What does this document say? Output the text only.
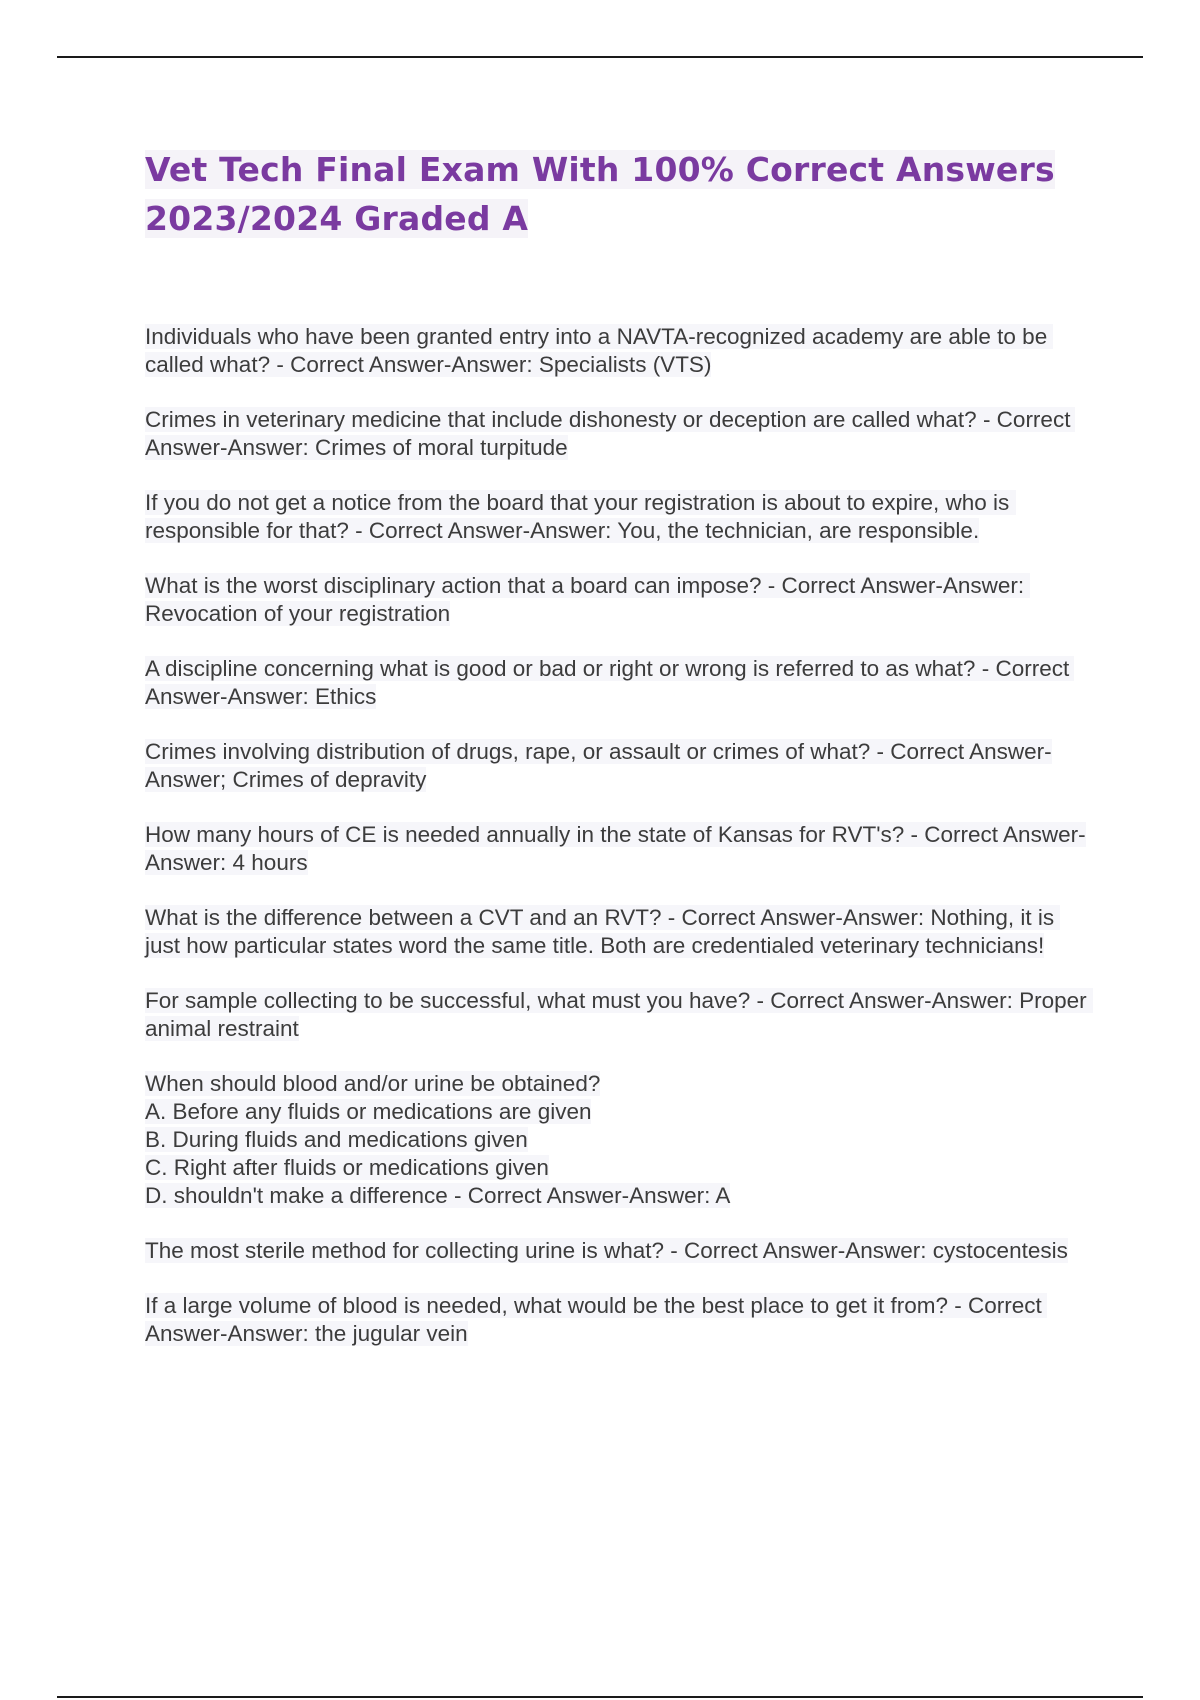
Vet Tech Final Exam With 100% Correct Answers
2023/2024 Graded A

Individuals who have been granted entry into a NAVTA-recognized academy are able to be called what? - Correct Answer-Answer: Specialists (VTS)

Crimes in veterinary medicine that include dishonesty or deception are called what? - Correct Answer-Answer: Crimes of moral turpitude

If you do not get a notice from the board that your registration is about to expire, who is responsible for that? - Correct Answer-Answer: You, the technician, are responsible.

What is the worst disciplinary action that a board can impose? - Correct Answer-Answer: Revocation of your registration

A discipline concerning what is good or bad or right or wrong is referred to as what? - Correct Answer-Answer: Ethics

Crimes involving distribution of drugs, rape, or assault or crimes of what? - Correct Answer-Answer; Crimes of depravity

How many hours of CE is needed annually in the state of Kansas for RVT's? - Correct Answer-Answer: 4 hours

What is the difference between a CVT and an RVT? - Correct Answer-Answer: Nothing, it is just how particular states word the same title. Both are credentialed veterinary technicians!

For sample collecting to be successful, what must you have? - Correct Answer-Answer: Proper animal restraint

When should blood and/or urine be obtained?
A. Before any fluids or medications are given
B. During fluids and medications given
C. Right after fluids or medications given
D. shouldn't make a difference - Correct Answer-Answer: A

The most sterile method for collecting urine is what? - Correct Answer-Answer: cystocentesis

If a large volume of blood is needed, what would be the best place to get it from? - Correct Answer-Answer: the jugular vein
